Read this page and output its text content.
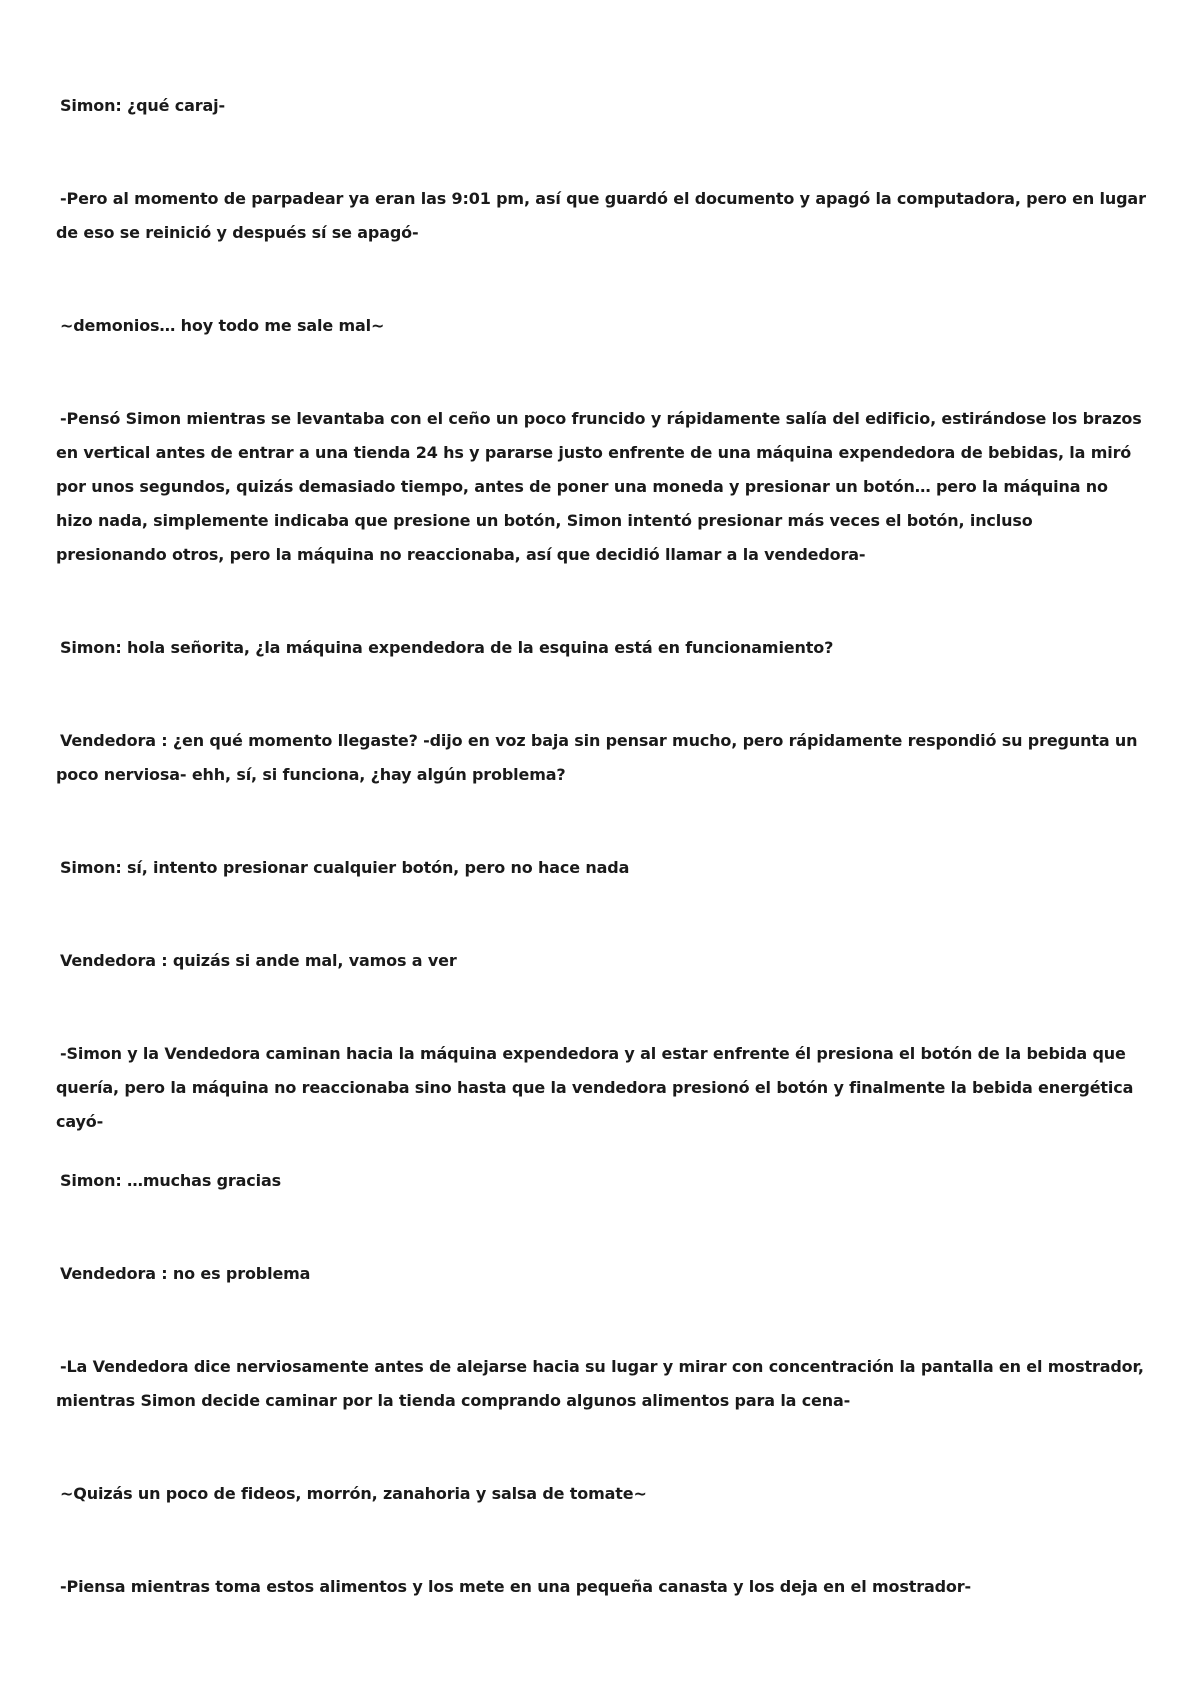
Simon: ¿qué caraj-

-Pero al momento de parpadear ya eran las 9:01 pm, así que guardó el documento y apagó la computadora, pero en lugar de eso se reinició y después sí se apagó-

~demonios… hoy todo me sale mal~

-Pensó Simon mientras se levantaba con el ceño un poco fruncido y rápidamente salía del edificio, estirándose los brazos en vertical antes de entrar a una tienda 24 hs y pararse justo enfrente de una máquina expendedora de bebidas, la miró por unos segundos, quizás demasiado tiempo, antes de poner una moneda y presionar un botón… pero la máquina no hizo nada, simplemente indicaba que presione un botón, Simon intentó presionar más veces el botón, incluso presionando otros, pero la máquina no reaccionaba, así que decidió llamar a la vendedora-

Simon: hola señorita, ¿la máquina expendedora de la esquina está en funcionamiento?

Vendedora : ¿en qué momento llegaste? -dijo en voz baja sin pensar mucho, pero rápidamente respondió su pregunta un poco nerviosa- ehh, sí, si funciona, ¿hay algún problema?

Simon: sí, intento presionar cualquier botón, pero no hace nada

Vendedora : quizás si ande mal, vamos a ver

-Simon y la Vendedora caminan hacia la máquina expendedora y al estar enfrente él presiona el botón de la bebida que quería, pero la máquina no reaccionaba sino hasta que la vendedora presionó el botón y finalmente la bebida energética cayó-

Simon: …muchas gracias

Vendedora : no es problema

-La Vendedora dice nerviosamente antes de alejarse hacia su lugar y mirar con concentración la pantalla en el mostrador, mientras Simon decide caminar por la tienda comprando algunos alimentos para la cena-

~Quizás un poco de fideos, morrón, zanahoria y salsa de tomate~

-Piensa mientras toma estos alimentos y los mete en una pequeña canasta y los deja en el mostrador-
